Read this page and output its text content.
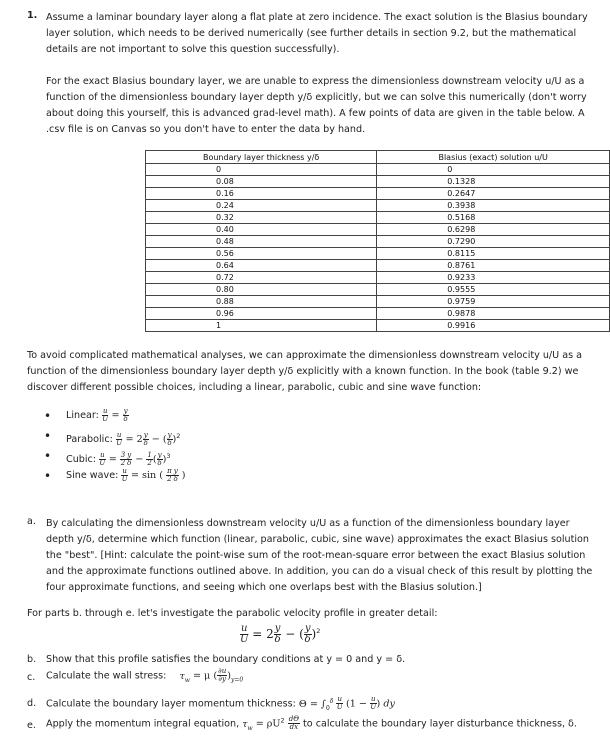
1. Assume a laminar boundary layer along a flat plate at zero incidence. The exact solution is the Blasius boundary layer solution, which needs to be derived numerically (see further details in section 9.2, but the mathematical details are not important to solve this question successfully).

For the exact Blasius boundary layer, we are unable to express the dimensionless downstream velocity u/U as a function of the dimensionless boundary layer depth y/δ explicitly, but we can solve this numerically (don't worry about doing this yourself, this is advanced grad-level math). A few points of data are given in the table below. A .csv file is on Canvas so you don't have to enter the data by hand.

Boundary layer thickness y/δ	Blasius (exact) solution u/U
0	0
0.08	0.1328
0.16	0.2647
0.24	0.3938
0.32	0.5168
0.40	0.6298
0.48	0.7290
0.56	0.8115
0.64	0.8761
0.72	0.9233
0.80	0.9555
0.88	0.9759
0.96	0.9878
1	0.9916

To avoid complicated mathematical analyses, we can approximate the dimensionless downstream velocity u/U as a function of the dimensionless boundary layer depth y/δ explicitly with a known function. In the book (table 9.2) we discover different possible choices, including a linear, parabolic, cubic and sine wave function:

• Linear: $\frac{u}{U} = \frac{y}{\delta}$
• Parabolic: $\frac{u}{U} = 2 \frac{y}{\delta}$ − ( $\frac{y}{\delta} )^2$
• Cubic: $\frac{u}{U} = \frac{3}{2} \frac{y}{\delta} - \frac{1}{2}$ ( $\frac{y}{\delta} )^3$
• Sine wave: $\frac{u}{U} = \sin$ ( $\frac{\pi}{2} \frac{y}{\delta}$ )
a. By calculating the dimensionless downstream velocity u/U as a function of the dimensionless boundary layer depth y/δ, determine which function (linear, parabolic, cubic, sine wave) approximates the exact Blasius solution the "best". [Hint: calculate the point-wise sum of the root-mean-square error between the exact Blasius solution and the approximate functions outlined above. In addition, you can do a visual check of this result by plotting the four approximate functions, and seeing which one overlaps best with the Blasius solution.]

For parts b. through e. let's investigate the parabolic velocity profile in greater detail:

$\frac{u}{U} = 2 \frac{y}{\delta}$ − ( $\frac{y}{\delta} )^2$
b. Show that this profile satisfies the boundary conditions at y = 0 and y = δ.
c. Calculate the wall stress: $\tau_w = \mu$ ( $\frac{\partial u}{\partial y} )_{y=0}$
d. Calculate the boundary layer momentum thickness: $\Theta = \int_0^\delta \frac{u}{U} (1 - \frac{u}{U}$ ) dy
e. Apply the momentum integral equation, $\tau_w = \rho U^2 \frac{d\Theta}{dx}$ to calculate the boundary layer disturbance thickness, δ.
